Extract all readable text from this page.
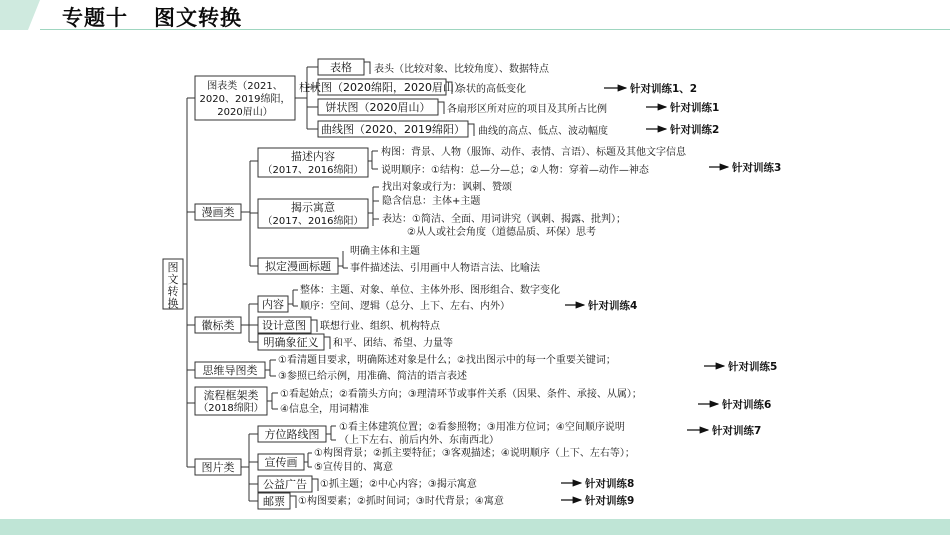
专题十 图文转换
图
文
转
换
图表类（2021、
2020、2019绵阳，
2020眉山）
表格 表头（比较对象、比较角度）、数据特点
柱状图（2020绵阳，2020眉山）
条状的高低变化	针对训练1、2
饼状图（2020眉山） 各扇形区所对应的项目及其所占比例	针对训练1
曲线图（2020、2019绵阳） 曲线的高点、低点、波动幅度	针对训练2
漫画类
描述内容
（2017、2016绵阳）
构图：背景、人物（服饰、动作、表情、言语）、标题及其他文字信息
说明顺序：①结构：总—分—总；②人物：穿着—动作—神态	针对训练3
揭示寓意
（2017、2016绵阳）
找出对象或行为：讽刺、赞颂
隐含信息：主体+主题
表达：①简洁、全面、用词讲究（讽刺、揭露、批判）；
②从人或社会角度（道德品质、环保）思考
拟定漫画标题
明确主体和主题
事件描述法、引用画中人物语言法、比喻法
徽标类
内容
整体：主题、对象、单位、主体外形、图形组合、数字变化
顺序：空间、逻辑（总分、上下、左右、内外）	针对训练4
设计意图 联想行业、组织、机构特点
明确象征义 和平、团结、希望、力量等
思维导图类
①看清题目要求，明确陈述对象是什么；②找出图示中的每一个重要关键词；
③参照已给示例，用准确、简洁的语言表述
针对训练5
流程框架类
（2018绵阳）
①看起始点；②看箭头方向；③理清环节或事件关系（因果、条件、承接、从属）；
④信息全，用词精准	针对训练6
图片类
方位路线图
①看主体建筑位置；②看参照物；③用准方位词；④空间顺序说明
（上下左右、前后内外、东南西北）
针对训练7
宣传画
①构图背景；②抓主要特征；③客观描述；④说明顺序（上下、左右等）；
⑤宣传目的、寓意
公益广告 ①抓主题；②中心内容；③揭示寓意	针对训练8
邮票 ①构图要素；②抓时间词；③时代背景；④寓意	针对训练9
